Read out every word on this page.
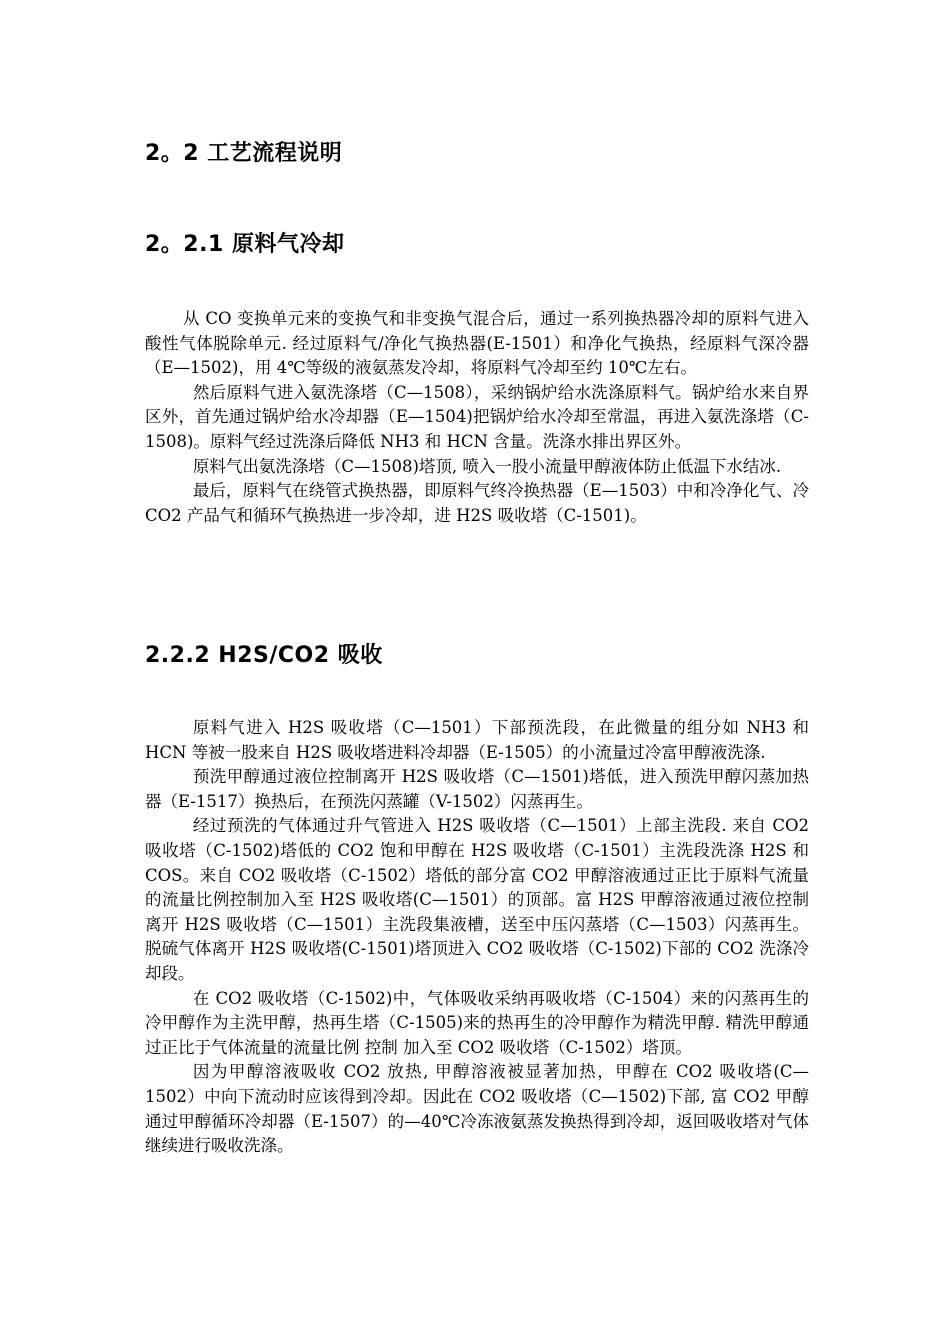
2。2 工艺流程说明
2。2.1 原料气冷却

从 CO 变换单元来的变换气和非变换气混合后，通过一系列换热器冷却的原料气进入酸性气体脱除单元. 经过原料气/净化气换热器(E-1501）和净化气换热，经原料气深冷器（E—1502)，用 4℃等级的液氨蒸发冷却，将原料气冷却至约 10℃左右。

然后原料气进入氨洗涤塔（C—1508），采纳锅炉给水洗涤原料气。锅炉给水来自界区外，首先通过锅炉给水冷却器（E—1504)把锅炉给水冷却至常温，再进入氨洗涤塔（C-1508)。原料气经过洗涤后降低 NH3 和 HCN 含量。洗涤水排出界区外。

原料气出氨洗涤塔（C—1508)塔顶, 喷入一股小流量甲醇液体防止低温下水结冰.

最后，原料气在绕管式换热器，即原料气终冷换热器（E—1503）中和冷净化气、冷 CO2 产品气和循环气换热进一步冷却，进 H2S 吸收塔（C-1501)。

2.2.2 H2S/CO2 吸收

原料气进入 H2S 吸收塔（C—1501）下部预洗段，在此微量的组分如 NH3 和 HCN 等被一股来自 H2S 吸收塔进料冷却器（E-1505）的小流量过冷富甲醇液洗涤.

预洗甲醇通过液位控制离开 H2S 吸收塔（C—1501)塔低，进入预洗甲醇闪蒸加热器（E-1517）换热后，在预洗闪蒸罐（V-1502）闪蒸再生。

经过预洗的气体通过升气管进入 H2S 吸收塔（C—1501）上部主洗段. 来自 CO2 吸收塔（C-1502)塔低的 CO2 饱和甲醇在 H2S 吸收塔（C-1501）主洗段洗涤 H2S 和 COS。来自 CO2 吸收塔（C-1502）塔低的部分富 CO2 甲醇溶液通过正比于原料气流量的流量比例控制加入至 H2S 吸收塔(C—1501）的顶部。富 H2S 甲醇溶液通过液位控制离开 H2S 吸收塔（C—1501）主洗段集液槽，送至中压闪蒸塔（C—1503）闪蒸再生。脱硫气体离开 H2S 吸收塔(C-1501)塔顶进入 CO2 吸收塔（C-1502)下部的 CO2 洗涤冷却段。

在 CO2 吸收塔（C-1502)中，气体吸收采纳再吸收塔（C-1504）来的闪蒸再生的冷甲醇作为主洗甲醇，热再生塔（C-1505)来的热再生的冷甲醇作为精洗甲醇. 精洗甲醇通过正比于气体流量的流量比例 控制 加入至 CO2 吸收塔（C-1502）塔顶。

因为甲醇溶液吸收 CO2 放热, 甲醇溶液被显著加热，甲醇在 CO2 吸收塔(C—1502）中向下流动时应该得到冷却。因此在 CO2 吸收塔（C—1502)下部, 富 CO2 甲醇通过甲醇循环冷却器（E-1507）的—40℃冷冻液氨蒸发换热得到冷却，返回吸收塔对气体继续进行吸收洗涤。
